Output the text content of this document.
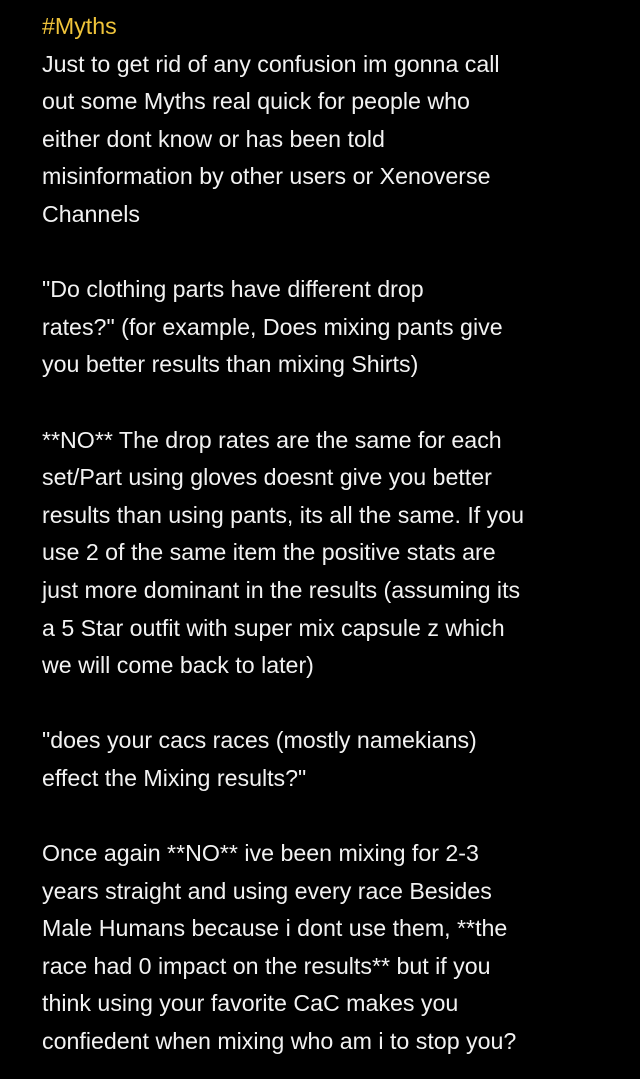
#Myths
Just to get rid of any confusion im gonna call
out some Myths real quick for people who
either dont know or has been told
misinformation by other users or Xenoverse
Channels
"Do clothing parts have different drop
rates?" (for example, Does mixing pants give
you better results than mixing Shirts)
**NO** The drop rates are the same for each
set/Part using gloves doesnt give you better
results than using pants, its all the same. If you
use 2 of the same item the positive stats are
just more dominant in the results (assuming its
a 5 Star outfit with super mix capsule z which
we will come back to later)
"does your cacs races (mostly namekians)
effect the Mixing results?"
Once again **NO** ive been mixing for 2-3
years straight and using every race Besides
Male Humans because i dont use them, **the
race had 0 impact on the results** but if you
think using your favorite CaC makes you
confiedent when mixing who am i to stop you?
